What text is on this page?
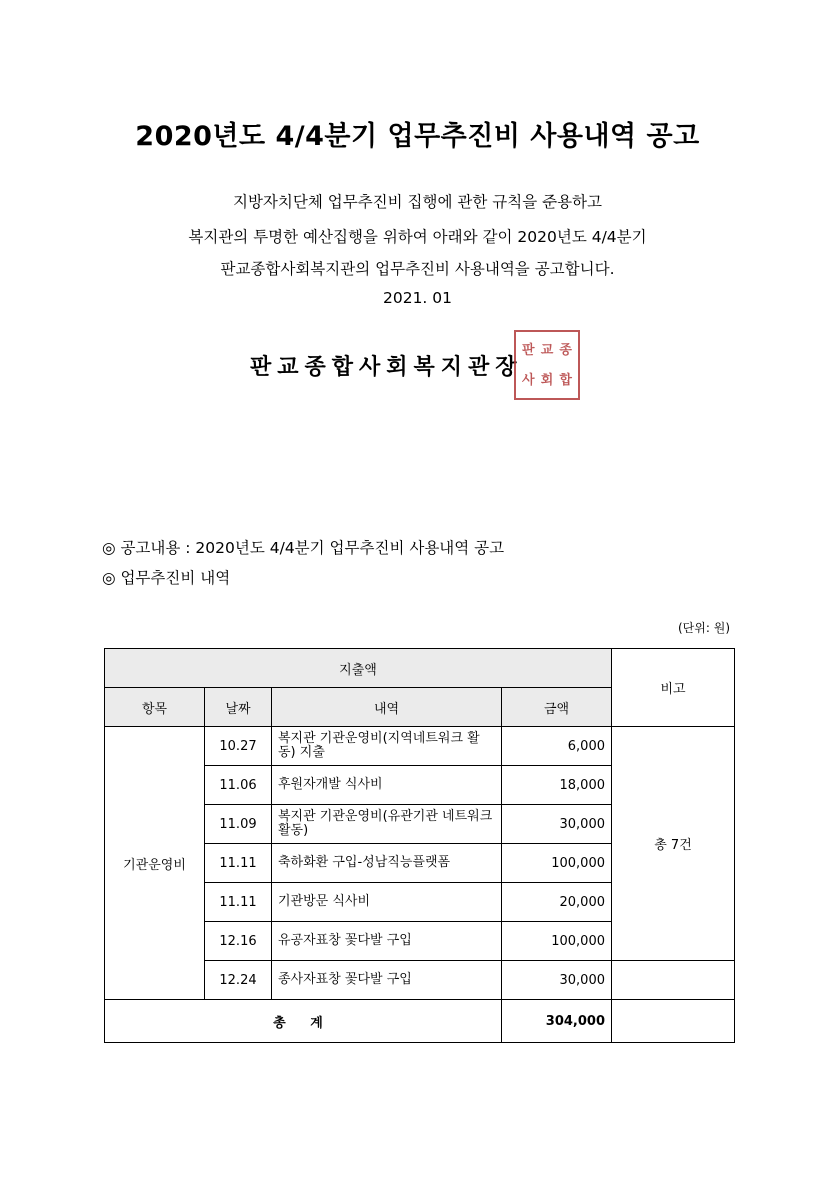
2020년도 4/4분기 업무추진비 사용내역 공고
지방자치단체 업무추진비 집행에 관한 규칙을 준용하고
복지관의 투명한 예산집행을 위하여 아래와 같이 2020년도 4/4분기
판교종합사회복지관의 업무추진비 사용내역을 공고합니다.
2021. 01
판교종합사회복지관장
판 교 종
사 회 합
◎ 공고내용 : 2020년도 4/4분기 업무추진비 사용내역 공고
◎ 업무추진비 내역
(단위: 원)
지출액				비고
항목	날짜	내역	금액	
기관운영비	10.27	복지관 기관운영비(지역네트워크 활동) 지출	6,000	총 7건
	11.06	후원자개발 식사비	18,000	
	11.09	복지관 기관운영비(유관기관 네트워크 활동)	30,000	
	11.11	축하화환 구입-성남직능플랫폼	100,000	
	11.11	기관방문 식사비	20,000	
	12.16	유공자표창 꽃다발 구입	100,000	
	12.24	종사자표창 꽃다발 구입	30,000	
총 계			304,000	
